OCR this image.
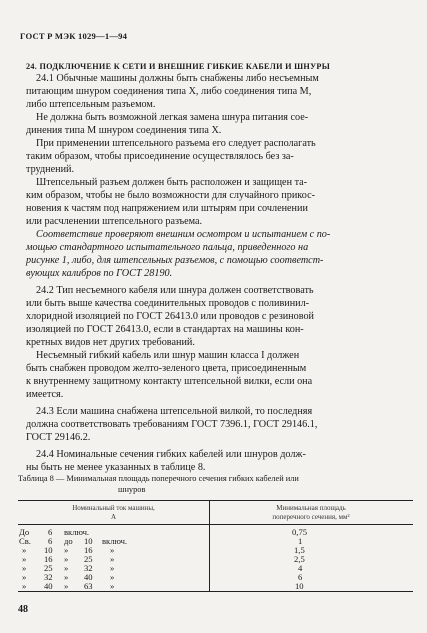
ГОСТ Р МЭК 1029—1—94
24. ПОДКЛЮЧЕНИЕ К СЕТИ И ВНЕШНИЕ ГИБКИЕ КАБЕЛИ И ШНУРЫ
24.1 Обычные машины должны быть снабжены либо несъемным
питающим шнуром соединения типа X, либо соединения типа M,
либо штепсельным разъемом.
Не должна быть возможной легкая замена шнура питания сое-
динения типа M шнуром соединения типа X.
При применении штепсельного разъема его следует располагать
таким образом, чтобы присоединение осуществлялось без за-
труднений.
Штепсельный разъем должен быть расположен и защищен та-
ким образом, чтобы не было возможности для случайного прикос-
новения к частям под напряжением или штырям при сочленении
или расчленении штепсельного разъема.
Соответствие проверяют внешним осмотром и испытанием с по-
мощью стандартного испытательного пальца, приведенного на
рисунке 1, либо, для штепсельных разъемов, с помощью соответст-
вующих калибров по ГОСТ 28190.
24.2 Тип несъемного кабеля или шнура должен соответствовать
или быть выше качества соединительных проводов с поливинил-
хлоридной изоляцией по ГОСТ 26413.0 или проводов с резиновой
изоляцией по ГОСТ 26413.0, если в стандартах на машины кон-
кретных видов нет других требований.
Несъемный гибкий кабель или шнур машин класса I должен
быть снабжен проводом желто-зеленого цвета, присоединенным
к внутреннему защитному контакту штепсельной вилки, если она
имеется.
24.3 Если машина снабжена штепсельной вилкой, то последняя
должна соответствовать требованиям ГОСТ 7396.1, ГОСТ 29146.1,
ГОСТ 29146.2.
24.4 Номинальные сечения гибких кабелей или шнуров долж-
ны быть не менее указанных в таблице 8.
Таблица 8 — Минимальная площадь поперечного сечения гибких кабелей или
шнуров
Номинальный ток машины,
А
Минимальная площадь
поперечного сечения, мм²
До 6 включ.	0,75
Св. 6 до 10 включ.	1
» 10 » 16 »	1,5
» 16 » 25 »	2,5
» 25 » 32 »	4
» 32 » 40 »	6
» 40 » 63 »	10
48
